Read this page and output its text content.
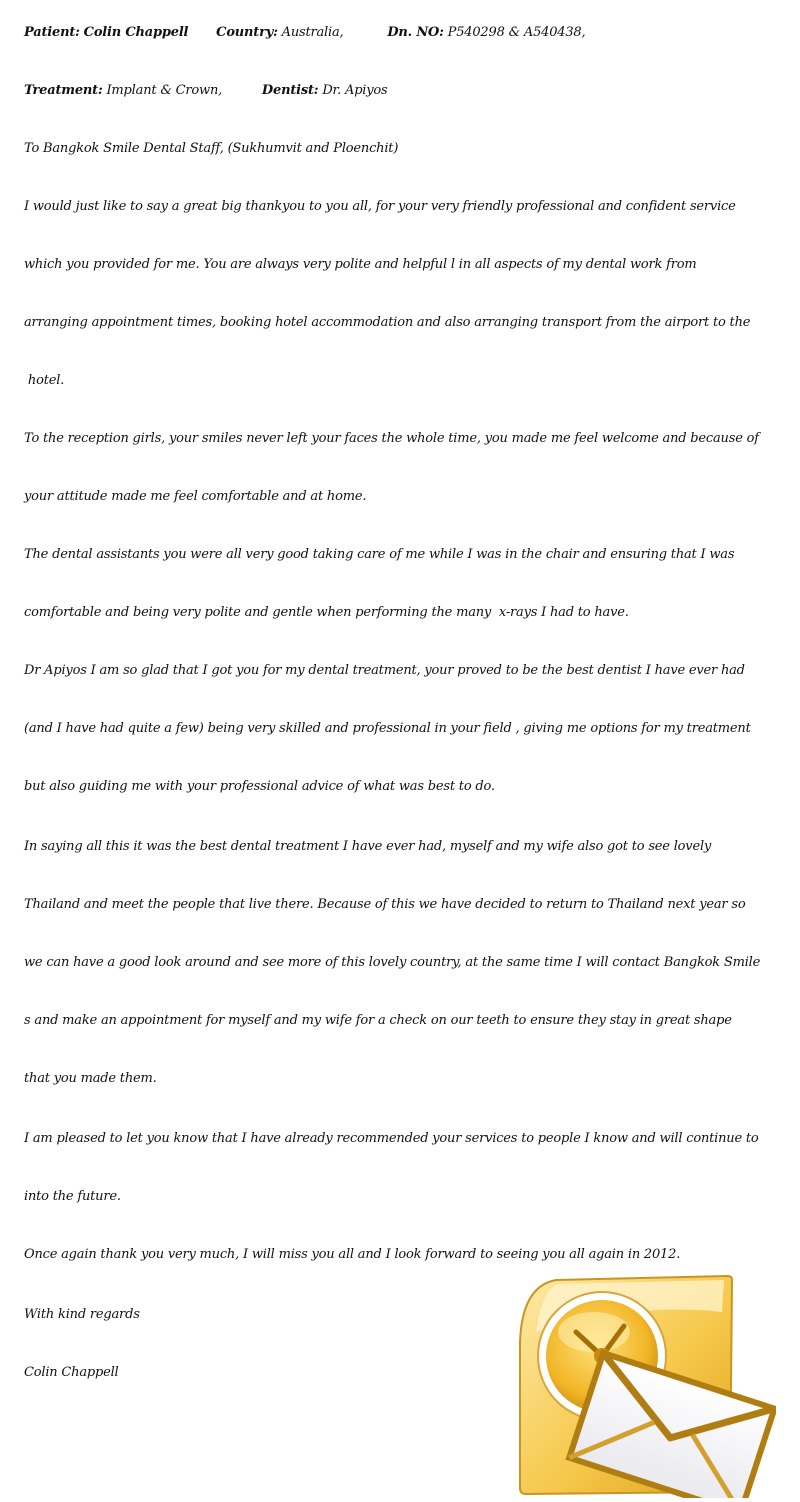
Patient: Colin Chappell Country: Australia,	Dn. NO: P540298 & A540438,
Treatment: Implant & Crown,	Dentist: Dr. Apiyos
To Bangkok Smile Dental Staff, (Sukhumvit and Ploenchit)
I would just like to say a great big thankyou to you all, for your very friendly professional and confident service
which you provided for me. You are always very polite and helpful l in all aspects of my dental work from
arranging appointment times, booking hotel accommodation and also arranging transport from the airport to the
hotel.
To the reception girls, your smiles never left your faces the whole time, you made me feel welcome and because of
your attitude made me feel comfortable and at home.
The dental assistants you were all very good taking care of me while I was in the chair and ensuring that I was
comfortable and being very polite and gentle when performing the many  x-rays I had to have.
Dr Apiyos I am so glad that I got you for my dental treatment, your proved to be the best dentist I have ever had
(and I have had quite a few) being very skilled and professional in your field , giving me options for my treatment
but also guiding me with your professional advice of what was best to do.
In saying all this it was the best dental treatment I have ever had, myself and my wife also got to see lovely
Thailand and meet the people that live there. Because of this we have decided to return to Thailand next year so
we can have a good look around and see more of this lovely country, at the same time I will contact Bangkok Smile
s and make an appointment for myself and my wife for a check on our teeth to ensure they stay in great shape
that you made them.
I am pleased to let you know that I have already recommended your services to people I know and will continue to
into the future.
Once again thank you very much, I will miss you all and I look forward to seeing you all again in 2012.
With kind regards
Colin Chappell
